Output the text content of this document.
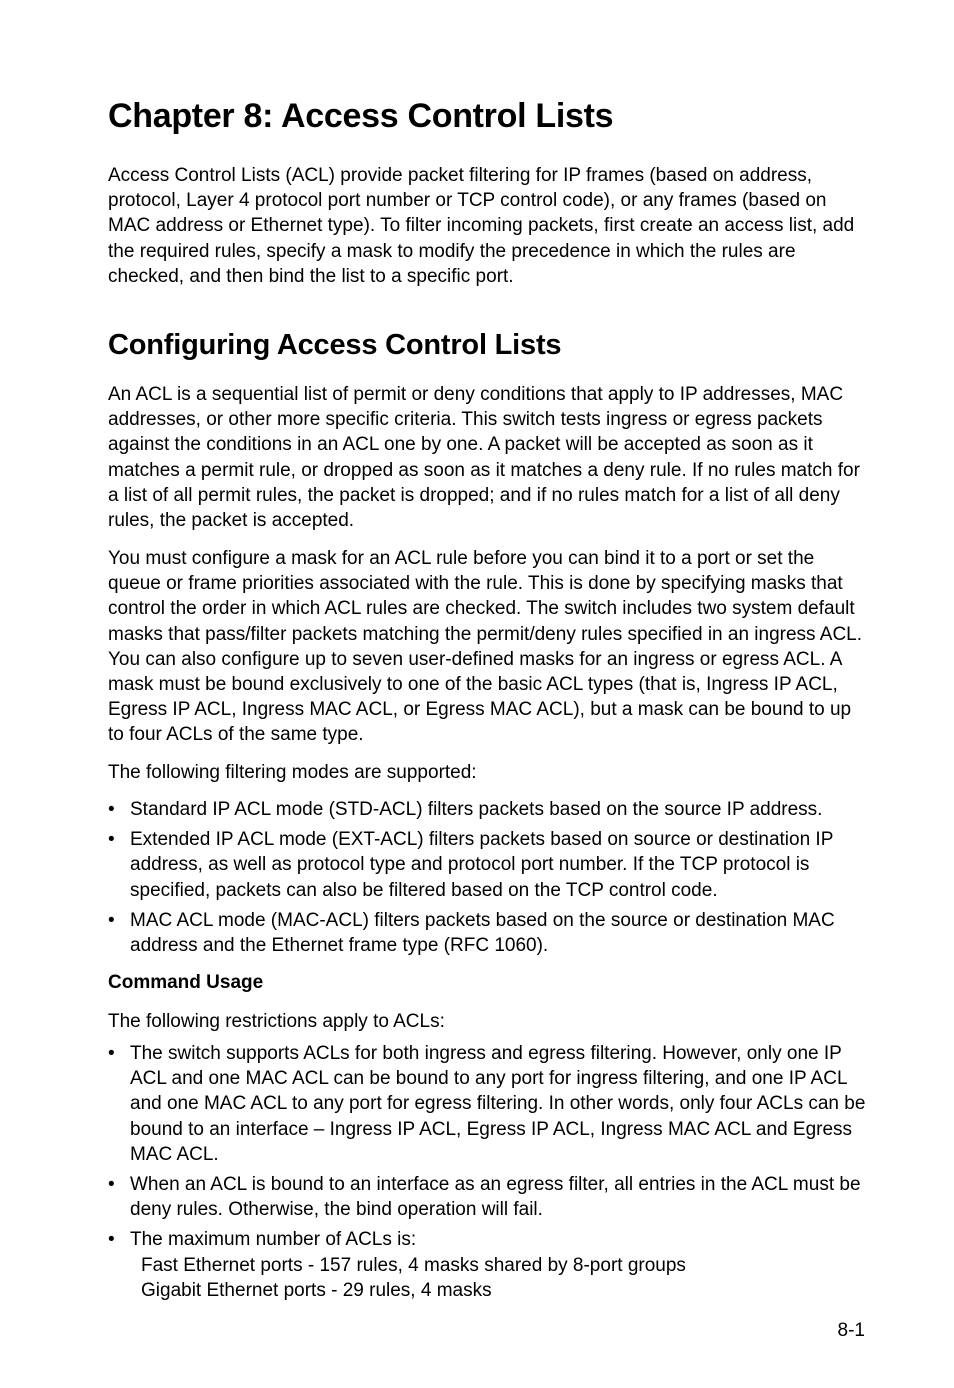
Chapter 8: Access Control Lists

Access Control Lists (ACL) provide packet filtering for IP frames (based on address, protocol, Layer 4 protocol port number or TCP control code), or any frames (based on MAC address or Ethernet type). To filter incoming packets, first create an access list, add the required rules, specify a mask to modify the precedence in which the rules are checked, and then bind the list to a specific port.

Configuring Access Control Lists

An ACL is a sequential list of permit or deny conditions that apply to IP addresses, MAC addresses, or other more specific criteria. This switch tests ingress or egress packets against the conditions in an ACL one by one. A packet will be accepted as soon as it matches a permit rule, or dropped as soon as it matches a deny rule. If no rules match for a list of all permit rules, the packet is dropped; and if no rules match for a list of all deny rules, the packet is accepted.

You must configure a mask for an ACL rule before you can bind it to a port or set the queue or frame priorities associated with the rule. This is done by specifying masks that control the order in which ACL rules are checked. The switch includes two system default masks that pass/filter packets matching the permit/deny rules specified in an ingress ACL. You can also configure up to seven user-defined masks for an ingress or egress ACL. A mask must be bound exclusively to one of the basic ACL types (that is, Ingress IP ACL, Egress IP ACL, Ingress MAC ACL, or Egress MAC ACL), but a mask can be bound to up to four ACLs of the same type.

The following filtering modes are supported:

• Standard IP ACL mode (STD-ACL) filters packets based on the source IP address.
• Extended IP ACL mode (EXT-ACL) filters packets based on source or destination IP address, as well as protocol type and protocol port number. If the TCP protocol is specified, packets can also be filtered based on the TCP control code.
• MAC ACL mode (MAC-ACL) filters packets based on the source or destination MAC address and the Ethernet frame type (RFC 1060).
Command Usage

The following restrictions apply to ACLs:

• The switch supports ACLs for both ingress and egress filtering. However, only one IP ACL and one MAC ACL can be bound to any port for ingress filtering, and one IP ACL and one MAC ACL to any port for egress filtering. In other words, only four ACLs can be bound to an interface – Ingress IP ACL, Egress IP ACL, Ingress MAC ACL and Egress MAC ACL.
• When an ACL is bound to an interface as an egress filter, all entries in the ACL must be deny rules. Otherwise, the bind operation will fail.
• The maximum number of ACLs is:
Fast Ethernet ports - 157 rules, 4 masks shared by 8-port groups
Gigabit Ethernet ports - 29 rules, 4 masks
8-1
